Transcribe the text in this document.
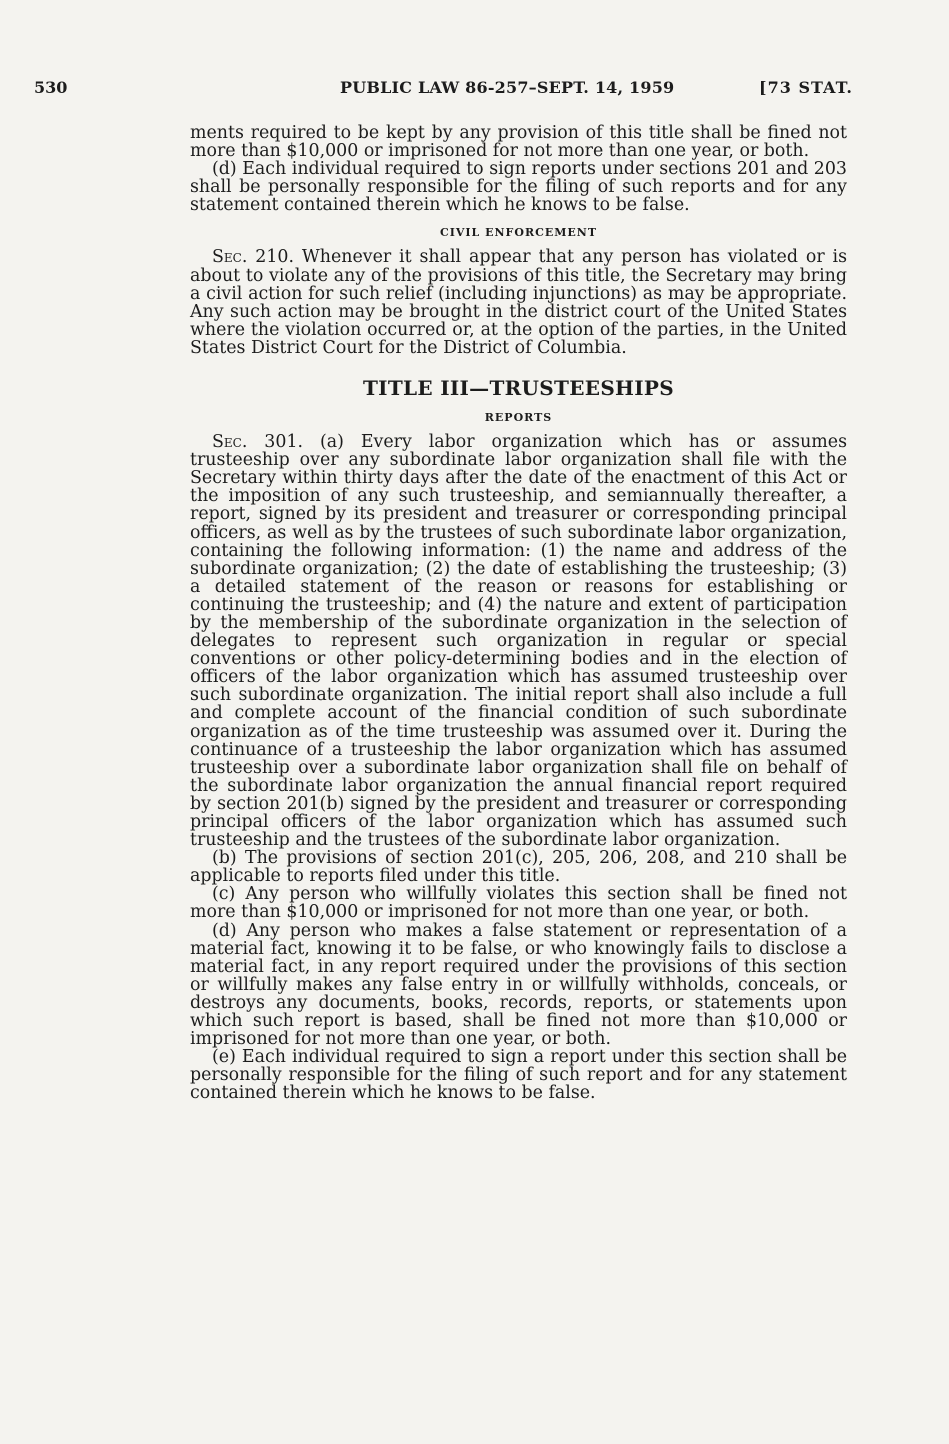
530	PUBLIC LAW 86-257–SEPT. 14, 1959	[73 STAT.

ments required to be kept by any provision of this title shall be fined not more than $10,000 or imprisoned for not more than one year, or both.

(d) Each individual required to sign reports under sections 201 and 203 shall be personally responsible for the filing of such reports and for any statement contained therein which he knows to be false.

CIVIL ENFORCEMENT

Sec. 210. Whenever it shall appear that any person has violated or is about to violate any of the provisions of this title, the Secretary may bring a civil action for such relief (including injunctions) as may be appropriate. Any such action may be brought in the district court of the United States where the violation occurred or, at the option of the parties, in the United States District Court for the District of Columbia.

TITLE III—TRUSTEESHIPS
REPORTS

Sec. 301. (a) Every labor organization which has or assumes trusteeship over any subordinate labor organization shall file with the Secretary within thirty days after the date of the enactment of this Act or the imposition of any such trusteeship, and semiannually thereafter, a report, signed by its president and treasurer or corresponding principal officers, as well as by the trustees of such subordinate labor organization, containing the following information: (1) the name and address of the subordinate organization; (2) the date of establishing the trusteeship; (3) a detailed statement of the reason or reasons for establishing or continuing the trusteeship; and (4) the nature and extent of participation by the membership of the subordinate organization in the selection of delegates to represent such organization in regular or special conventions or other policy-determining bodies and in the election of officers of the labor organization which has assumed trusteeship over such subordinate organization. The initial report shall also include a full and complete account of the financial condition of such subordinate organization as of the time trusteeship was assumed over it. During the continuance of a trusteeship the labor organization which has assumed trusteeship over a subordinate labor organization shall file on behalf of the subordinate labor organization the annual financial report required by section 201(b) signed by the president and treasurer or corresponding principal officers of the labor organization which has assumed such trusteeship and the trustees of the subordinate labor organization.

(b) The provisions of section 201(c), 205, 206, 208, and 210 shall be applicable to reports filed under this title.

(c) Any person who willfully violates this section shall be fined not more than $10,000 or imprisoned for not more than one year, or both.

(d) Any person who makes a false statement or representation of a material fact, knowing it to be false, or who knowingly fails to disclose a material fact, in any report required under the provisions of this section or willfully makes any false entry in or willfully withholds, conceals, or destroys any documents, books, records, reports, or statements upon which such report is based, shall be fined not more than $10,000 or imprisoned for not more than one year, or both.

(e) Each individual required to sign a report under this section shall be personally responsible for the filing of such report and for any statement contained therein which he knows to be false.
